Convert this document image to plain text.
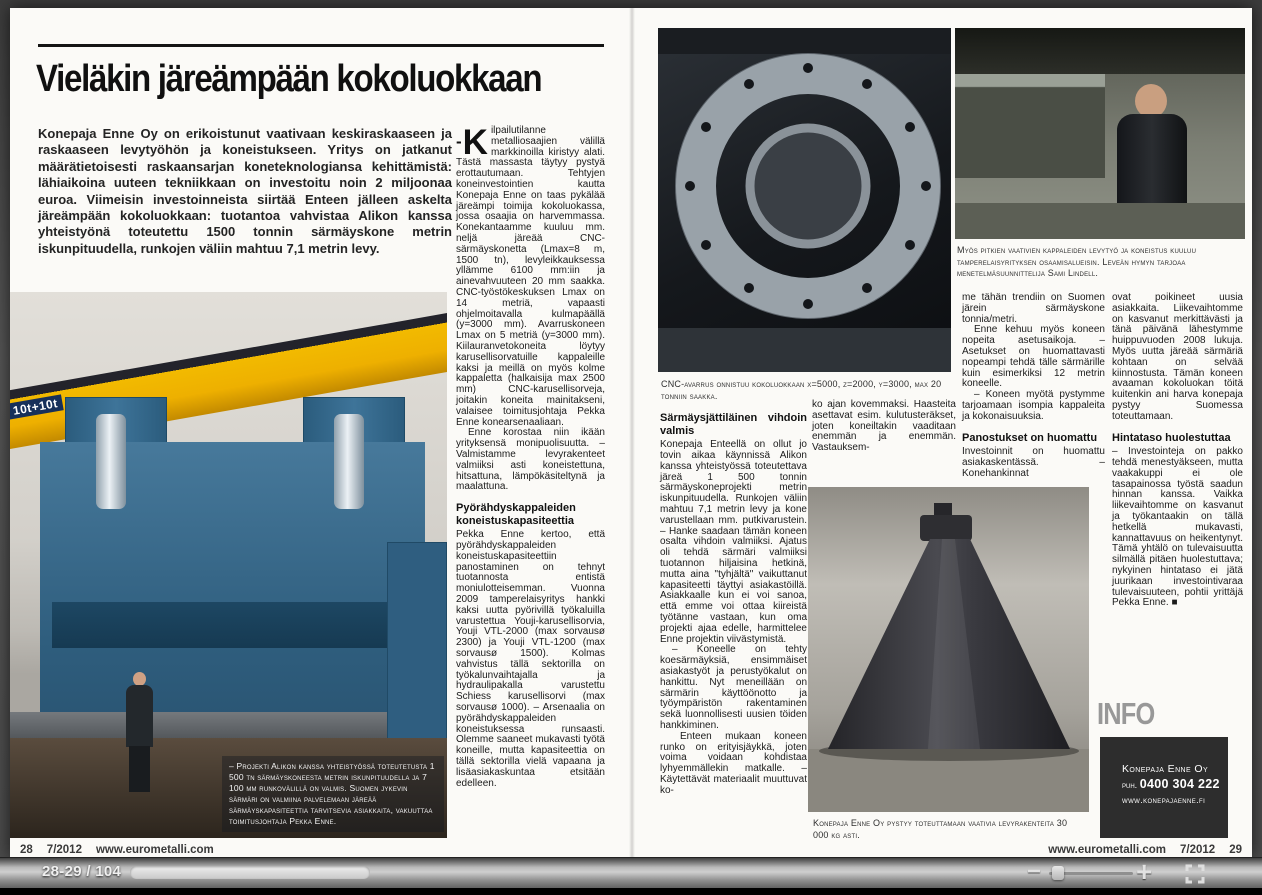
Vieläkin järeämpään kokoluokkaan
Konepaja Enne Oy on erikoistunut vaativaan keskiraskaaseen ja raskaaseen levytyöhön ja koneistukseen. Yritys on jatkanut määrätietoisesti raskaansarjan koneteknologiansa kehittämistä: lähiaikoina uuteen tekniikkaan on investoitu noin 2 miljoonaa euroa. Viimeisin investoinneista siirtää Enteen jälleen askelta järeämpään kokoluokkaan: tuotantoa vahvistaa Alikon kanssa yhteistyönä toteutettu 1500 tonnin särmäyskone metrin iskunpituudella, runkojen väliin mahtuu 7,1 metrin levy.
10t+10t
– Projekti Alikon kanssa yhteistyössä toteutetusta 1 500 tn särmäyskoneesta metrin iskunpituudella ja 7 100 mm runkovälillä on valmis. Suomen jykevin särmäri on valmiina palvelemaan järeää särmäyskapasiteettia tarvitsevia asiakkaita, vakuuttaa toimitusjohtaja Pekka Enne.

-K ilpailutilanne metalliosaajien välillä markkinoilla kiristyy alati. Tästä massasta täytyy pystyä erottautumaan. Tehtyjen koneinvestointien kautta Konepaja Enne on taas pykälää järeämpi toimija kokoluokassa, jossa osaajia on harvemmassa. Konekantaamme kuuluu mm. neljä järeää CNC-särmäyskonetta (Lmax=8 m, 1500 tn), levyleikkauksessa yllämme 6100 mm:iin ja ainevahvuuteen 20 mm saakka. CNC-työstökeskuksen Lmax on 14 metriä, vapaasti ohjelmoitavalla kulmapäällä (y=3000 mm). Avarruskoneen Lmax on 5 metriä (y=3000 mm). Kiilauranvetokoneita löytyy karusellisorvatuille kappaleille kaksi ja meillä on myös kolme kappaletta (halkaisija max 2500 mm) CNC-karusellisorveja, joitakin koneita mainitakseni, valaisee toimitusjohtaja Pekka Enne konearsenaaliaan.

Enne korostaa niin ikään yrityksensä monipuolisuutta. – Valmistamme levyrakenteet valmiiksi asti koneistettuna, hitsattuna, lämpökäsiteltynä ja maalattuna.

Pyörähdyskappaleiden koneistuskapasiteettia

Pekka Enne kertoo, että pyörähdyskappaleiden koneistuskapasiteettiin panostaminen on tehnyt tuotannosta entistä moniulotteisemman. Vuonna 2009 tamperelaisyritys hankki kaksi uutta pyörivillä työkaluilla varustettua Youji-karusellisorvia, Youji VTL-2000 (max sorvausø 2300) ja Youji VTL-1200 (max sorvausø 1500). Kolmas vahvistus tällä sektorilla on työkalunvaihtajalla ja hydraulipakalla varustettu Schiess karusellisorvi (max sorvausø 1000). – Arsenaalia on pyörähdyskappaleiden koneistuksessa runsaasti. Olemme saaneet mukavasti työtä koneille, mutta kapasiteettia on tällä sektorilla vielä vapaana ja lisäasiakaskuntaa etsitään edelleen.

28 7/2012 www.eurometalli.com
CNC-avarrus onnistuu kokoluokkaan x=5000, z=2000, y=3000, max 20 tonniin saakka.
Myös pitkien vaativien kappaleiden levytyö ja koneistus kuuluu tamperelaisyrityksen osaamisalueisin. Leveän hymyn tarjoaa menetelmäsuunnittelija Sami Lindell.
Särmäysjättiläinen vihdoin valmis

Konepaja Enteellä on ollut jo tovin aikaa käynnissä Alikon kanssa yhteistyössä toteutettava järeä 1 500 tonnin särmäyskoneprojekti metrin iskunpituudella. Runkojen väliin mahtuu 7,1 metrin levy ja kone varustellaan mm. putkivarustein. – Hanke saadaan tämän koneen osalta vihdoin valmiiksi. Ajatus oli tehdä särmäri valmiiksi tuotannon hiljaisina hetkinä, mutta aina "tyhjältä" vaikuttanut kapasiteetti täyttyi asiakastöillä. Asiakkaalle kun ei voi sanoa, että emme voi ottaa kiireistä työtänne vastaan, kun oma projekti ajaa edelle, harmittelee Enne projektin viivästymistä.

– Koneelle on tehty koesärmäyksiä, ensimmäiset asiakastyöt ja perustyökalut on hankittu. Nyt meneillään on särmärin käyttöönotto ja työympäristön rakentaminen sekä luonnollisesti uusien töiden hankkiminen.

Enteen mukaan koneen runko on erityisjäykkä, joten voima voidaan kohdistaa lyhyemmällekin matkalle. – Käytettävät materiaalit muuttuvat ko-

ko ajan kovemmaksi. Haasteita asettavat esim. kulutusteräkset, joten koneiltakin vaaditaan enemmän ja enemmän. Vastauksem-

Konepaja Enne Oy pystyy toteuttamaan vaativia levyrakenteita 30 000 kg asti.

me tähän trendiin on Suomen järein särmäyskone tonnia/metri.

Enne kehuu myös koneen nopeita asetusaikoja. – Asetukset on huomattavasti nopeampi tehdä tälle särmärille kuin esimerkiksi 12 metrin koneelle.

– Koneen myötä pystymme tarjoamaan isompia kappaleita ja kokonaisuuksia.

Panostukset on huomattu

Investoinnit on huomattu asiakaskentässä. – Konehankinnat

ovat poikineet uusia asiakkaita. Liikevaihtomme on kasvanut merkittävästi ja tänä päivänä lähestymme huippuvuoden 2008 lukuja. Myös uutta järeää särmäriä kohtaan on selvää kiinnostusta. Tämän koneen avaaman kokoluokan töitä kuitenkin ani harva konepaja pystyy Suomessa toteuttamaan.

Hintataso huolestuttaa

– Investointeja on pakko tehdä menestyäkseen, mutta vaakakuppi ei ole tasapainossa työstä saadun hinnan kanssa. Vaikka liikevaihtomme on kasvanut ja työkantaakin on tällä hetkellä mukavasti, kannattavuus on heikentynyt. Tämä yhtälö on tulevaisuutta silmällä pitäen huolestuttava; nykyinen hintataso ei jätä juurikaan investointivaraa tulevaisuuteen, pohtii yrittäjä Pekka Enne. ■

INFO
Konepaja Enne Oy
puh. 0400 304 222
www.konepajaenne.fi
www.eurometalli.com 7/2012 29
28-29 / 104	−	+
